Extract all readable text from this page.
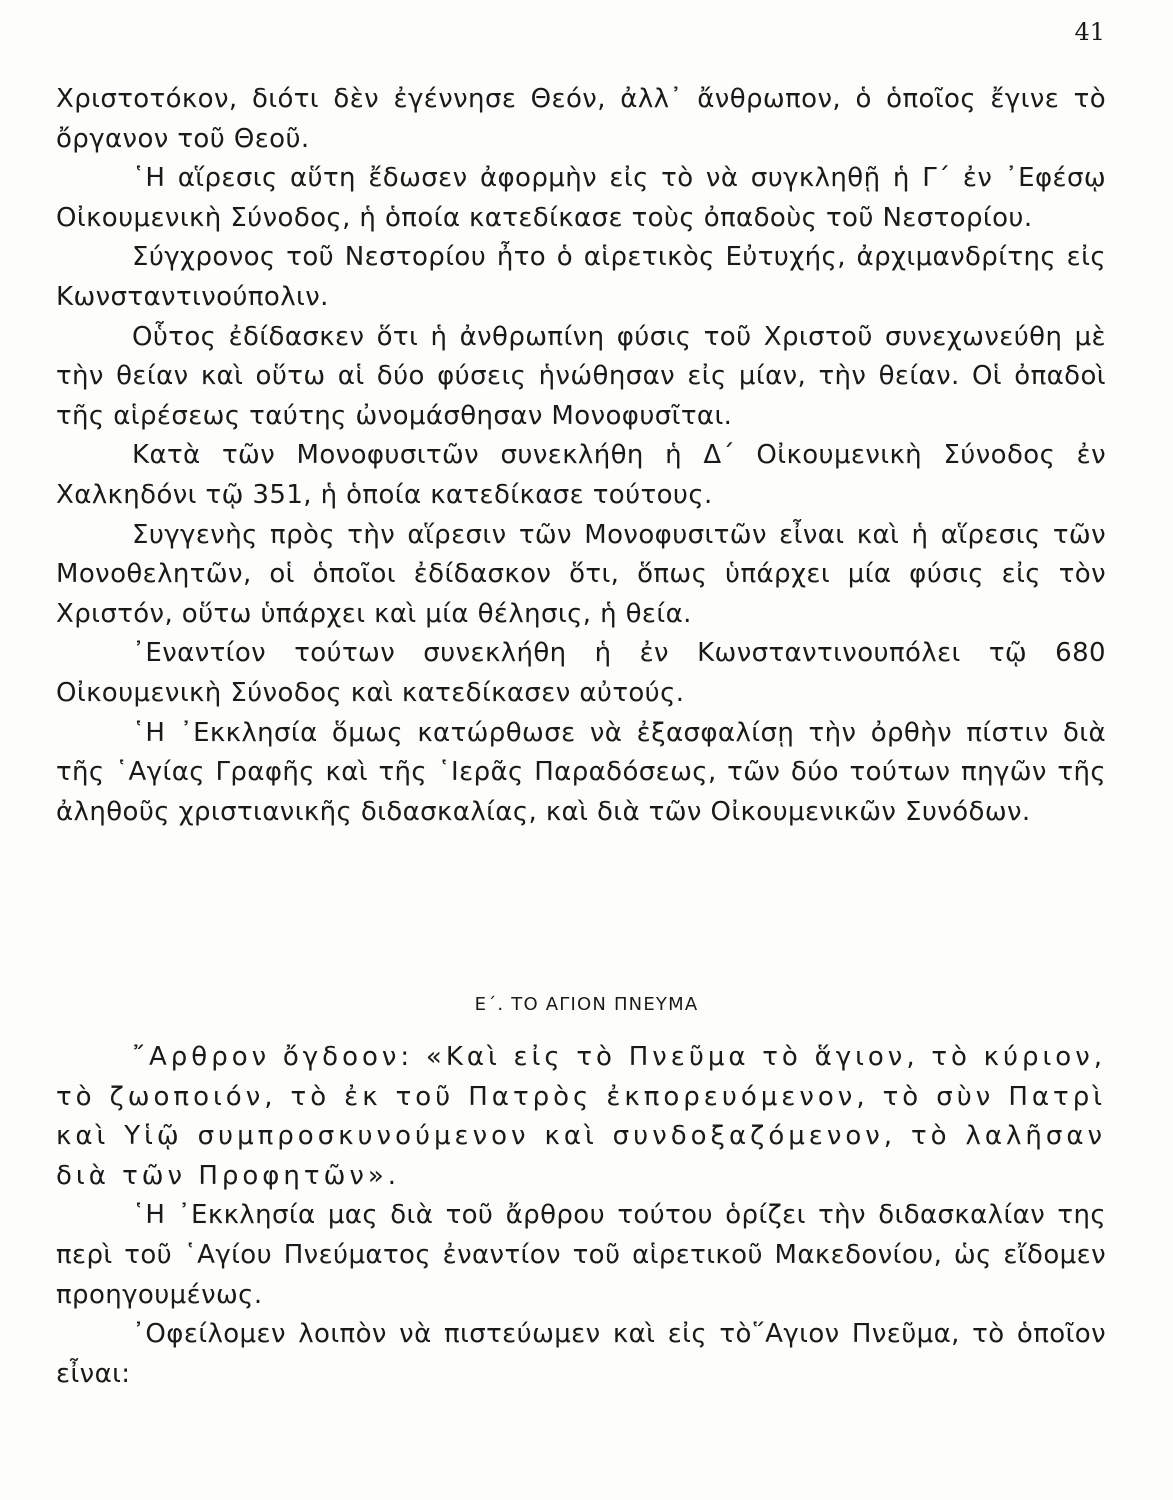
41

Χριστοτόκον, διότι δὲν ἐγέννησε Θεόν, ἀλλ᾽ ἄνθρωπον, ὁ ὁποῖος ἔγινε τὸ ὄργανον τοῦ Θεοῦ.

῾Η αἵρεσις αὕτη ἔδωσεν ἀφορμὴν εἰς τὸ νὰ συγκληθῇ ἡ Γ´ ἐν ᾽Εφέσῳ Οἰκουμενικὴ Σύνοδος, ἡ ὁποία κατεδίκασε τοὺς ὀπαδοὺς τοῦ Νεστορίου.

Σύγχρονος τοῦ Νεστορίου ἦτο ὁ αἱρετικὸς Εὐτυχής, ἀρχιμανδρίτης εἰς Κωνσταντινούπολιν.

Οὗτος ἐδίδασκεν ὅτι ἡ ἀνθρωπίνη φύσις τοῦ Χριστοῦ συνεχωνεύθη μὲ τὴν θείαν καὶ οὕτω αἱ δύο φύσεις ἡνώθησαν εἰς μίαν, τὴν θείαν. Οἱ ὀπαδοὶ τῆς αἱρέσεως ταύτης ὠνομάσθησαν Μονοφυσῖται.

Κατὰ τῶν Μονοφυσιτῶν συνεκλήθη ἡ Δ´ Οἰκουμενικὴ Σύνοδος ἐν Χαλκηδόνι τῷ 351, ἡ ὁποία κατεδίκασε τούτους.

Συγγενὴς πρὸς τὴν αἵρεσιν τῶν Μονοφυσιτῶν εἶναι καὶ ἡ αἵρεσις τῶν Μονοθελητῶν, οἱ ὁποῖοι ἐδίδασκον ὅτι, ὅπως ὑπάρχει μία φύσις εἰς τὸν Χριστόν, οὕτω ὑπάρχει καὶ μία θέλησις, ἡ θεία.

᾽Εναντίον τούτων συνεκλήθη ἡ ἐν Κωνσταντινουπόλει τῷ 680 Οἰκουμενικὴ Σύνοδος καὶ κατεδίκασεν αὐτούς.

῾Η ᾽Εκκλησία ὅμως κατώρθωσε νὰ ἐξασφαλίσῃ τὴν ὀρθὴν πίστιν διὰ τῆς ῾Αγίας Γραφῆς καὶ τῆς ῾Ιερᾶς Παραδόσεως, τῶν δύο τούτων πηγῶν τῆς ἀληθοῦς χριστιανικῆς διδασκαλίας, καὶ διὰ τῶν Οἰκουμενικῶν Συνόδων.

Ε΄. ΤΟ ΑΓΙΟΝ ΠΝΕΥΜΑ

῎Αρθρον ὄγδοον: «Καὶ εἰς τὸ Πνεῦμα τὸ ἅγιον, τὸ κύριον, τὸ ζωοποιόν, τὸ ἐκ τοῦ Πατρὸς ἐκπορευόμενον, τὸ σὺν Πατρὶ καὶ Υἱῷ συμπροσκυνούμενον καὶ συνδοξαζόμενον, τὸ λαλῆσαν διὰ τῶν Προφητῶν».

῾Η ᾽Εκκλησία μας διὰ τοῦ ἄρθρου τούτου ὁρίζει τὴν διδασκαλίαν της περὶ τοῦ ῾Αγίου Πνεύματος ἐναντίον τοῦ αἱρετικοῦ Μακεδονίου, ὡς εἴδομεν προηγουμένως.

᾽Οφείλομεν λοιπὸν νὰ πιστεύωμεν καὶ εἰς τὸ῞Αγιον Πνεῦμα, τὸ ὁποῖον εἶναι:
